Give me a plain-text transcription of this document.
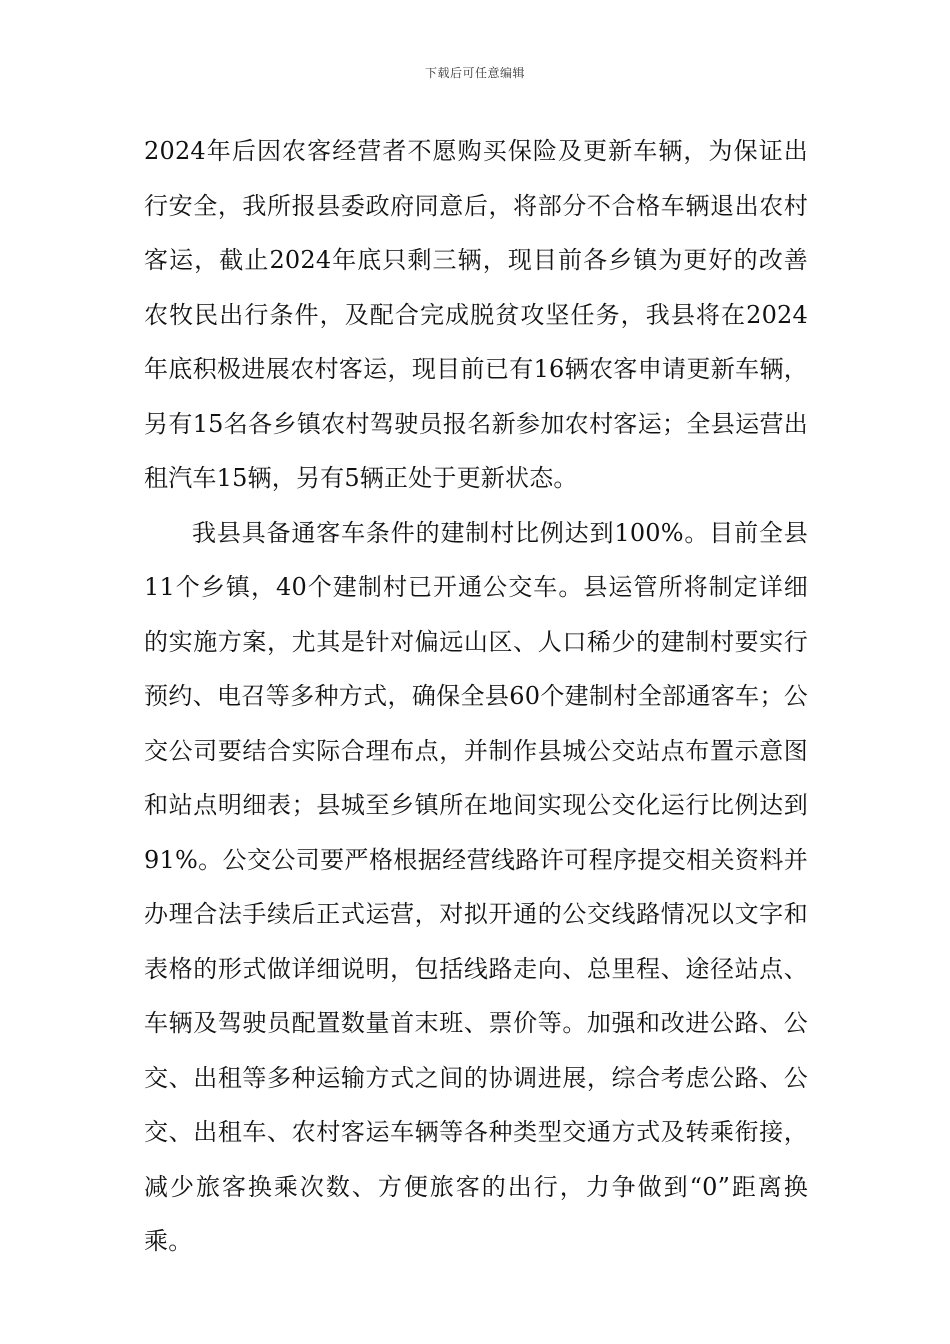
下载后可任意编辑

2024年后因农客经营者不愿购买保险及更新车辆，为保证出行安全，我所报县委政府同意后，将部分不合格车辆退出农村客运，截止2024年底只剩三辆，现目前各乡镇为更好的改善农牧民出行条件，及配合完成脱贫攻坚任务，我县将在2024年底积极进展农村客运，现目前已有16辆农客申请更新车辆，另有15名各乡镇农村驾驶员报名新参加农村客运；全县运营出租汽车15辆，另有5辆正处于更新状态。

我县具备通客车条件的建制村比例达到100%。目前全县11个乡镇，40个建制村已开通公交车。县运管所将制定详细的实施方案，尤其是针对偏远山区、人口稀少的建制村要实行预约、电召等多种方式，确保全县60个建制村全部通客车；公交公司要结合实际合理布点，并制作县城公交站点布置示意图和站点明细表；县城至乡镇所在地间实现公交化运行比例达到91%。公交公司要严格根据经营线路许可程序提交相关资料并办理合法手续后正式运营，对拟开通的公交线路情况以文字和表格的形式做详细说明，包括线路走向、总里程、途径站点、车辆及驾驶员配置数量首末班、票价等。加强和改进公路、公交、出租等多种运输方式之间的协调进展，综合考虑公路、公交、出租车、农村客运车辆等各种类型交通方式及转乘衔接，减少旅客换乘次数、方便旅客的出行，力争做到“0”距离换乘。
